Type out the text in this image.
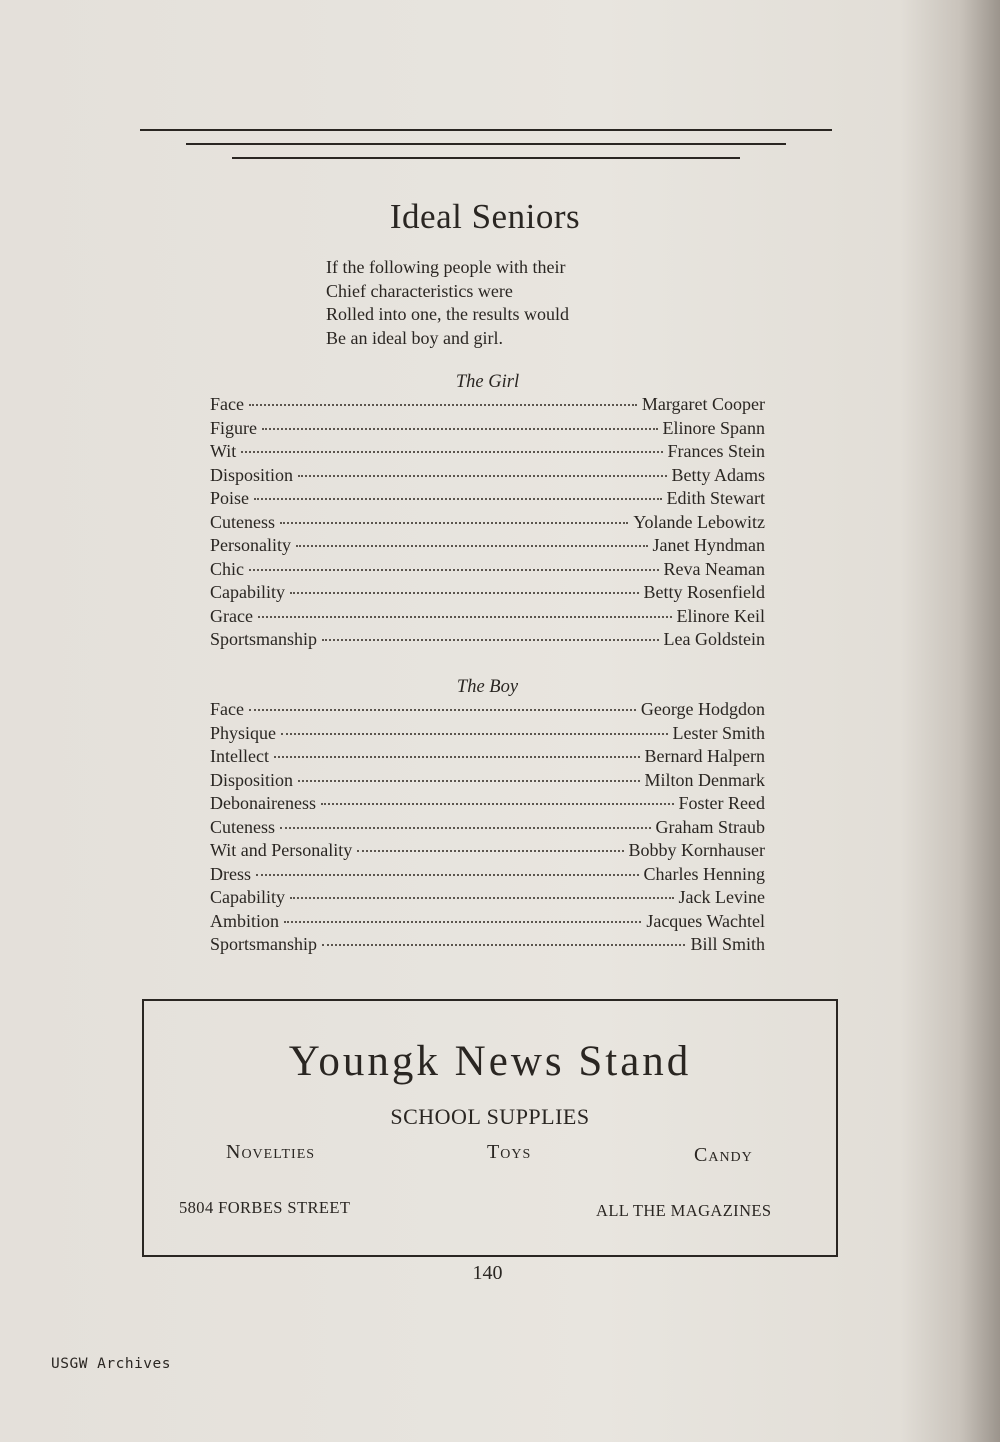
Ideal Seniors
If the following people with their
Chief characteristics were
Rolled into one, the results would
Be an ideal boy and girl.
The Girl
Face	Margaret Cooper
Figure	Elinore Spann
Wit	Frances Stein
Disposition	Betty Adams
Poise	Edith Stewart
Cuteness	Yolande Lebowitz
Personality	Janet Hyndman
Chic	Reva Neaman
Capability	Betty Rosenfield
Grace	Elinore Keil
Sportsmanship	Lea Goldstein
The Boy
Face	George Hodgdon
Physique	Lester Smith
Intellect	Bernard Halpern
Disposition	Milton Denmark
Debonaireness	Foster Reed
Cuteness	Graham Straub
Wit and Personality	Bobby Kornhauser
Dress	Charles Henning
Capability	Jack Levine
Ambition	Jacques Wachtel
Sportsmanship	Bill Smith
Youngk News Stand
SCHOOL SUPPLIES
Novelties	Toys	Candy
5804 FORBES STREET	ALL THE MAGAZINES
140
USGW Archives
